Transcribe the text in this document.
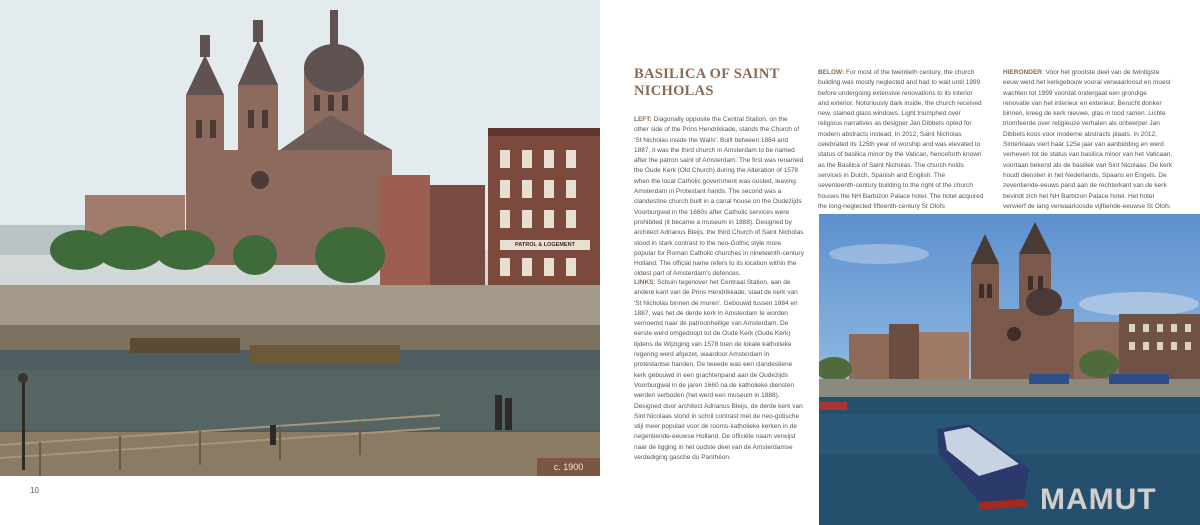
PATROL & LOGEMENT
c. 1900
10
BASILICA OF SAINT NICHOLAS

LEFT: Diagonally opposite the Central Station, on the other side of the Prins Hendrikkade, stands the Church of 'St Nicholas inside the Walls'. Built between 1884 and 1887, it was the third church in Amsterdam to be named after the patron saint of Amsterdam. The first was renamed the Oude Kerk (Old Church) during the Alteration of 1578 when the local Catholic government was ousted, leaving Amsterdam in Protestant hands. The second was a clandestine church built in a canal house on the Oudezijds Voorburgwal in the 1660s after Catholic services were prohibited (it became a museum in 1888). Designed by architect Adrianus Bleijs, the third Church of Saint Nicholas stood in stark contrast to the neo-Gothic style more popular for Roman Catholic churches in nineteenth-century Holland. The official name refers to its location within the oldest part of Amsterdam's defences.

LINKS: Schuin tegenover het Centraal Station, aan de andere kant van de Prins Hendrikkade, staat de kerk van 'St Nicholas binnen de muren'. Gebouwd tussen 1884 en 1887, was het de derde kerk in Amsterdam te worden vernoemd naar de patroonheilige van Amsterdam. De eerste werd omgedoopt tot de Oude Kerk (Oude Kerk) tijdens de Wijziging van 1578 toen de lokale katholieke regering werd afgezet, waardoor Amsterdam in protestantse handen. De tweede was een clandestiene kerk gebouwd in een grachtenpand aan de Oudezijds Voorburgwal in de jaren 1660 na de katholieke diensten werden verboden (het werd een museum in 1888). Designed door architect Adrianus Bleijs, de derde kerk van Sint Nicolaas stond in schril contrast met de neo-gotische stijl meer populair voor de rooms-katholieke kerken in de negentiende-eeuwse Holland. De officiële naam verwijst naar de ligging in het oudste deel van de Amsterdamse verdediging gasche du Panthéon.

BELOW: For most of the twentieth century, the church building was mostly neglected and had to wait until 1999 before undergoing extensive renovations to its interior and exterior. Notoriously dark inside, the church received new, stained glass windows. Light triumphed over religious narratives as designer Jan Dibbets opted for modern abstracts instead. In 2012, Saint Nicholas celebrated its 125th year of worship and was elevated to status of basilica minor by the Vatican, henceforth known as the Basilica of Saint Nicholas. The church holds services in Dutch, Spanish and English. The seventeenth-century building to the right of the church houses the NH Barbizon Palace hotel. The hotel acquired the long-neglected fifteenth-century St Olofs

HIERONDER: Voor het grootste deel van de twintigste eeuw werd het kerkgebouw vooral verwaarloosd en moest wachten tot 1999 voordat ondergaat een grondige renovatie van het interieur en exterieur. Berucht donker binnen, kreeg de kerk nieuwe, glas in lood ramen. Lichte triomfeerde over religieuze verhalen als ontwerper Jan Dibbets koos voor moderne abstracts plaats. In 2012, Sinterklaas viert haar 125e jaar van aanbidding en werd verheven tot de status van basilica minor van het Vaticaan, voortaan bekend als de basiliek van Sint Nicolaas. De kerk houdt diensten in het Nederlands, Spaans en Engels. De zeventiende-eeuws pand aan de rechterkant van de kerk bevindt zich het NH Barbizon Palace hotel. Het hotel verwierf de lang verwaarloosde vijftiende-eeuwse St Olofs

MAMUT
